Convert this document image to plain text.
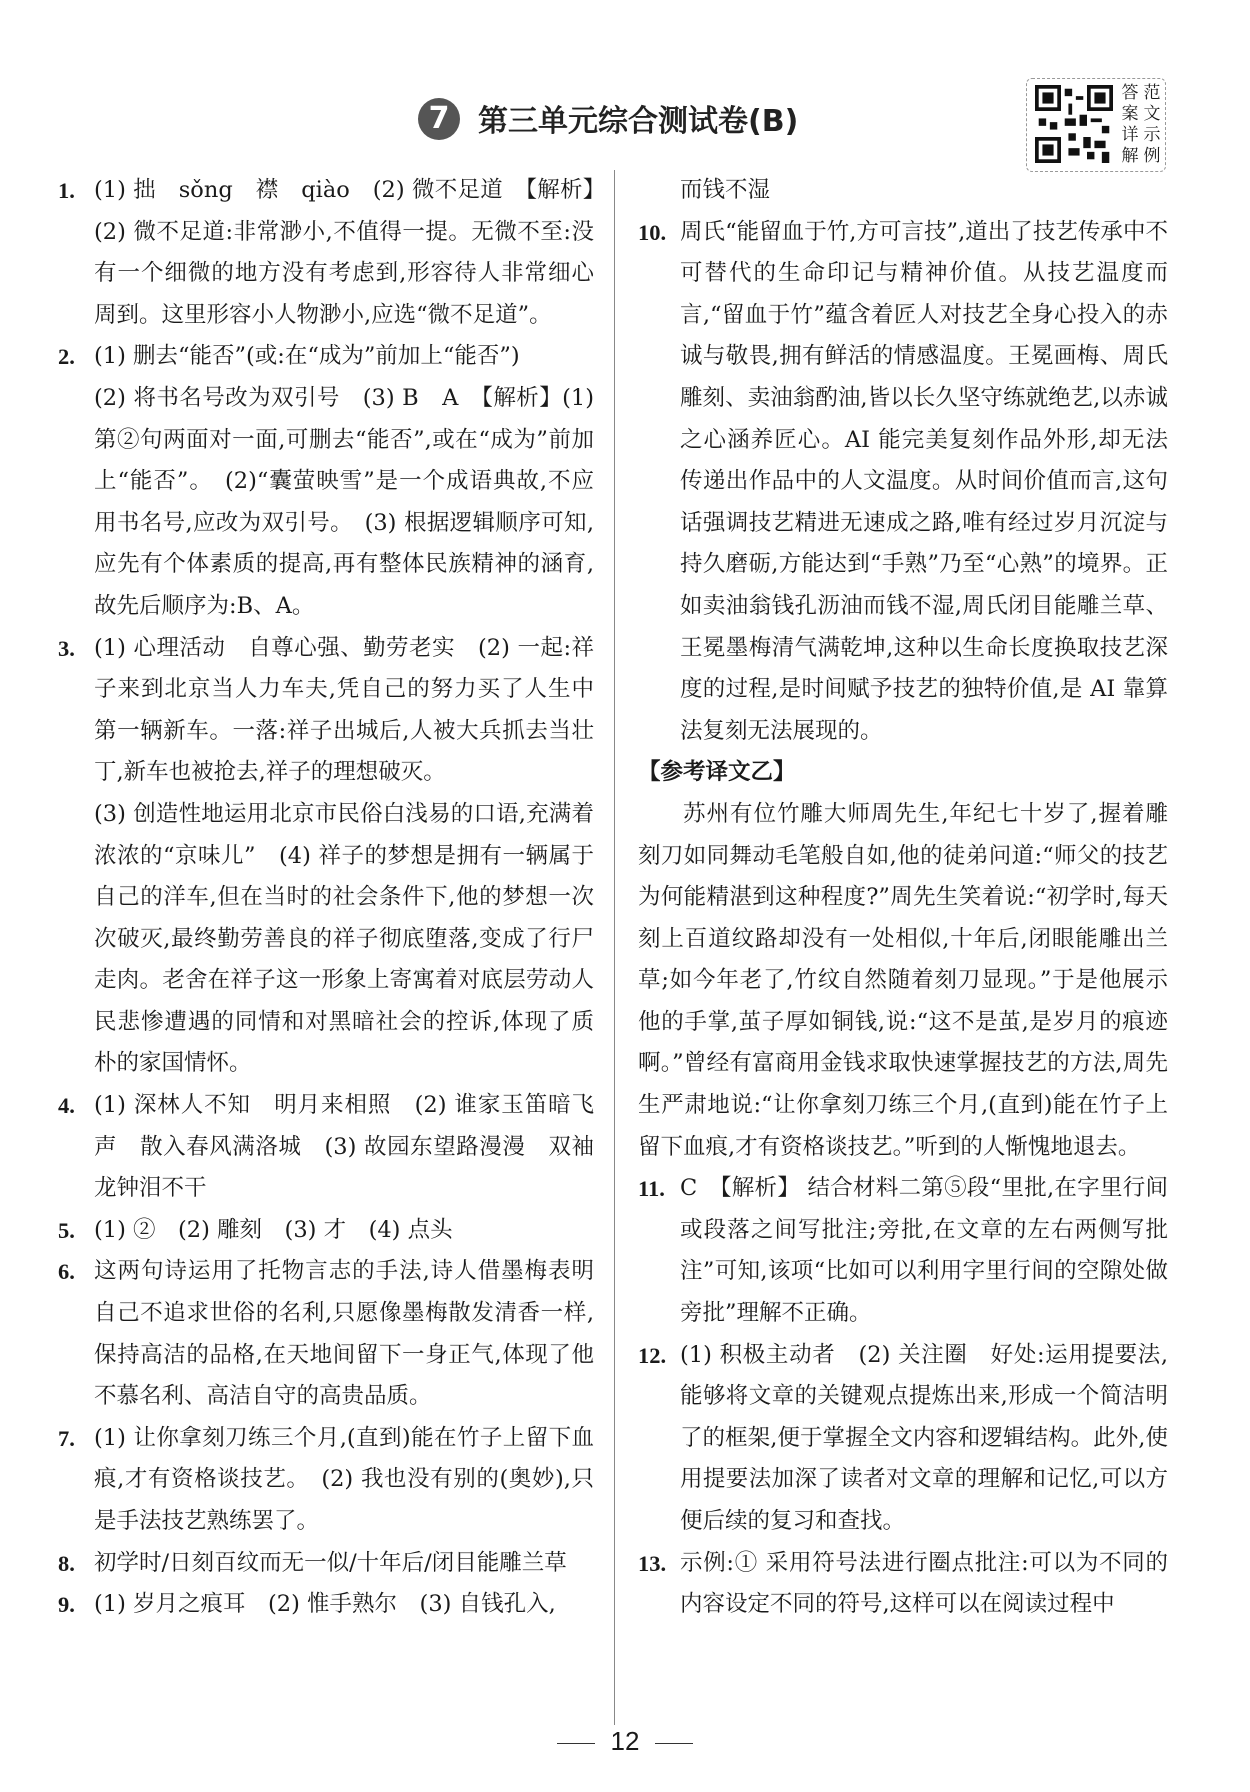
7 第三单元综合测试卷(B)
答 范
案 文
详 示
解 例
1. (1) 拙　sǒng　襟　qiào　(2) 微不足道　【解析】(2) 微不足道:非常渺小,不值得一提。无微不至:没有一个细微的地方没有考虑到,形容待人非常细心周到。这里形容小人物渺小,应选“微不足道”。
2. (1) 删去“能否”(或:在“成为”前加上“能否”)
(2) 将书名号改为双引号　(3) B　A　【解析】(1) 第②句两面对一面,可删去“能否”,或在“成为”前加上“能否”。　(2)“囊萤映雪”是一个成语典故,不应用书名号,应改为双引号。　(3) 根据逻辑顺序可知,应先有个体素质的提高,再有整体民族精神的涵育,故先后顺序为:B、A。
3. (1) 心理活动　自尊心强、勤劳老实　(2) 一起:祥子来到北京当人力车夫,凭自己的努力买了人生中第一辆新车。一落:祥子出城后,人被大兵抓去当壮丁,新车也被抢去,祥子的理想破灭。
(3) 创造性地运用北京市民俗白浅易的口语,充满着浓浓的“京味儿”　(4) 祥子的梦想是拥有一辆属于自己的洋车,但在当时的社会条件下,他的梦想一次次破灭,最终勤劳善良的祥子彻底堕落,变成了行尸走肉。老舍在祥子这一形象上寄寓着对底层劳动人民悲惨遭遇的同情和对黑暗社会的控诉,体现了质朴的家国情怀。
4. (1) 深林人不知　明月来相照　(2) 谁家玉笛暗飞声　散入春风满洛城　(3) 故园东望路漫漫　双袖龙钟泪不干
5. (1) ②　(2) 雕刻　(3) 才　(4) 点头
6. 这两句诗运用了托物言志的手法,诗人借墨梅表明自己不追求世俗的名利,只愿像墨梅散发清香一样,保持高洁的品格,在天地间留下一身正气,体现了他不慕名利、高洁自守的高贵品质。
7. (1) 让你拿刻刀练三个月,(直到)能在竹子上留下血痕,才有资格谈技艺。　(2) 我也没有别的(奥妙),只是手法技艺熟练罢了。
8. 初学时/日刻百纹而无一似/十年后/闭目能雕兰草
9. (1) 岁月之痕耳　(2) 惟手熟尔　(3) 自钱孔入,
而钱不湿
10. 周氏“能留血于竹,方可言技”,道出了技艺传承中不可替代的生命印记与精神价值。从技艺温度而言,“留血于竹”蕴含着匠人对技艺全身心投入的赤诚与敬畏,拥有鲜活的情感温度。王冕画梅、周氏雕刻、卖油翁酌油,皆以长久坚守练就绝艺,以赤诚之心涵养匠心。AI 能完美复刻作品外形,却无法传递出作品中的人文温度。从时间价值而言,这句话强调技艺精进无速成之路,唯有经过岁月沉淀与持久磨砺,方能达到“手熟”乃至“心熟”的境界。正如卖油翁钱孔沥油而钱不湿,周氏闭目能雕兰草、王冕墨梅清气满乾坤,这种以生命长度换取技艺深度的过程,是时间赋予技艺的独特价值,是 AI 靠算法复刻无法展现的。
【参考译文乙】
苏州有位竹雕大师周先生,年纪七十岁了,握着雕刻刀如同舞动毛笔般自如,他的徒弟问道:“师父的技艺为何能精湛到这种程度?”周先生笑着说:“初学时,每天刻上百道纹路却没有一处相似,十年后,闭眼能雕出兰草;如今年老了,竹纹自然随着刻刀显现。”于是他展示他的手掌,茧子厚如铜钱,说:“这不是茧,是岁月的痕迹啊。”曾经有富商用金钱求取快速掌握技艺的方法,周先生严肃地说:“让你拿刻刀练三个月,(直到)能在竹子上留下血痕,才有资格谈技艺。”听到的人惭愧地退去。
11. C　【解析】 结合材料二第⑤段“里批,在字里行间或段落之间写批注;旁批,在文章的左右两侧写批注”可知,该项“比如可以利用字里行间的空隙处做旁批”理解不正确。
12. (1) 积极主动者　(2) 关注圈　好处:运用提要法,能够将文章的关键观点提炼出来,形成一个简洁明了的框架,便于掌握全文内容和逻辑结构。此外,使用提要法加深了读者对文章的理解和记忆,可以方便后续的复习和查找。
13. 示例:① 采用符号法进行圈点批注:可以为不同的内容设定不同的符号,这样可以在阅读过程中
12
